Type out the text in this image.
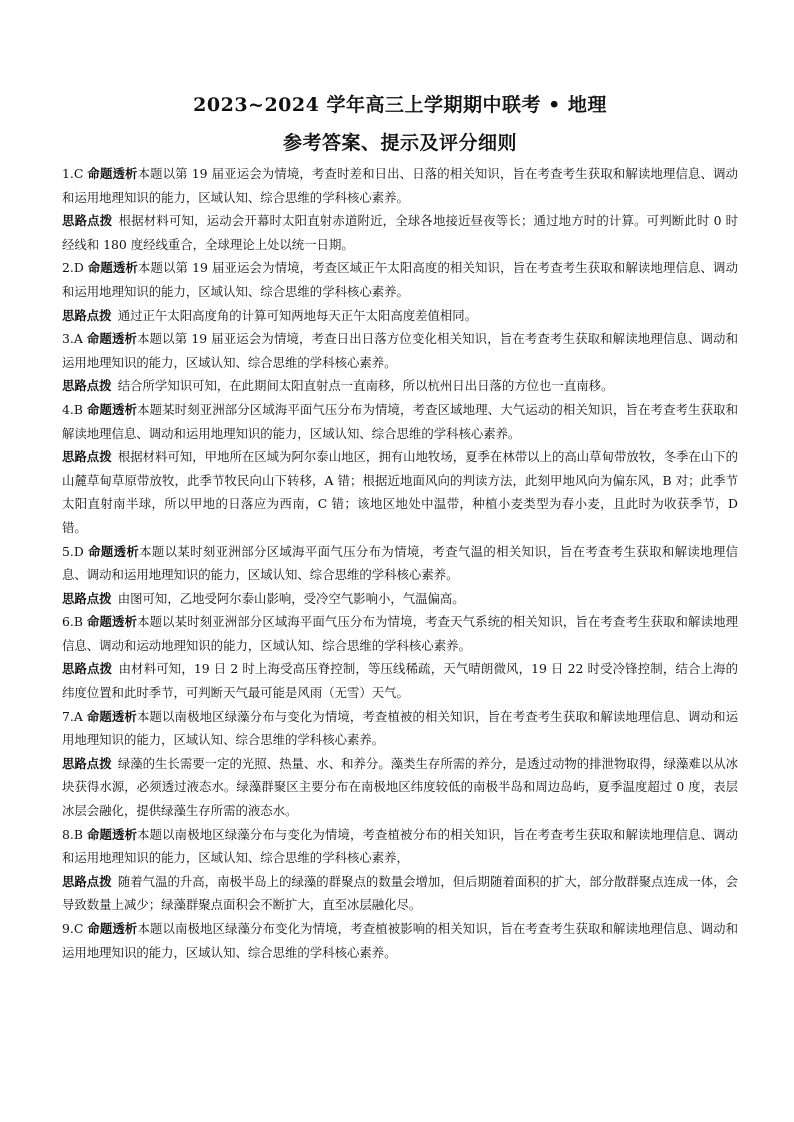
2023~2024 学年高三上学期期中联考 • 地理
参考答案、提示及评分细则

1.C 命题透析本题以第 19 届亚运会为情境，考查时差和日出、日落的相关知识，旨在考查考生获取和解读地理信息、调动和运用地理知识的能力，区域认知、综合思维的学科核心素养。

思路点拨  根据材料可知，运动会开幕时太阳直射赤道附近，全球各地接近昼夜等长；通过地方时的计算。可判断此时 0 时经线和 180 度经线重合，全球理论上处以统一日期。

2.D 命题透析本题以第 19 届亚运会为情境，考查区域正午太阳高度的相关知识，旨在考查考生获取和解读地理信息、调动和运用地理知识的能力，区域认知、综合思维的学科核心素养。

思路点拨  通过正午太阳高度角的计算可知两地每天正午太阳高度差值相同。

3.A 命题透析本题以第 19 届亚运会为情境，考查日出日落方位变化相关知识，旨在考查考生获取和解读地理信息、调动和运用地理知识的能力，区域认知、综合思维的学科核心素养。

思路点拨  结合所学知识可知，在此期间太阳直射点一直南移，所以杭州日出日落的方位也一直南移。

4.B 命题透析本题某时刻亚洲部分区域海平面气压分布为情境，考查区域地理、大气运动的相关知识，旨在考查考生获取和解读地理信息、调动和运用地理知识的能力，区域认知、综合思维的学科核心素养。

思路点拨  根据材料可知，甲地所在区域为阿尔泰山地区，拥有山地牧场，夏季在林带以上的高山草甸带放牧，冬季在山下的山麓草甸草原带放牧，此季节牧民向山下转移，A 错；根据近地面风向的判读方法，此刻甲地风向为偏东风，B 对；此季节太阳直射南半球，所以甲地的日落应为西南，C 错；该地区地处中温带，种植小麦类型为春小麦，且此时为收获季节，D 错。

5.D 命题透析本题以某时刻亚洲部分区域海平面气压分布为情境，考查气温的相关知识，旨在考查考生获取和解读地理信息、调动和运用地理知识的能力，区域认知、综合思维的学科核心素养。

思路点拨  由图可知，乙地受阿尔泰山影响，受冷空气影响小，气温偏高。

6.B 命题透析本题以某时刻亚洲部分区域海平面气压分布为情境，考查天气系统的相关知识，旨在考查考生获取和解读地理信息、调动和运动地理知识的能力，区域认知、综合思维的学科核心素养。

思路点拨  由材料可知，19 日 2 时上海受高压脊控制，等压线稀疏，天气晴朗微风，19 日 22 时受冷锋控制，结合上海的纬度位置和此时季节，可判断天气最可能是风雨（无雪）天气。

7.A 命题透析本题以南极地区绿藻分布与变化为情境，考查植被的相关知识，旨在考查考生获取和解读地理信息、调动和运用地理知识的能力，区域认知、综合思维的学科核心素养。

思路点拨  绿藻的生长需要一定的光照、热量、水、和养分。藻类生存所需的养分，是透过动物的排泄物取得，绿藻难以从冰块获得水源，必须透过液态水。绿藻群聚区主要分布在南极地区纬度较低的南极半岛和周边岛屿，夏季温度超过 0 度，表层冰层会融化，提供绿藻生存所需的液态水。

8.B 命题透析本题以南极地区绿藻分布与变化为情境，考查植被分布的相关知识，旨在考查考生获取和解读地理信息、调动和运用地理知识的能力，区域认知、综合思维的学科核心素养，

思路点拨  随着气温的升高，南极半岛上的绿藻的群聚点的数量会增加，但后期随着面积的扩大，部分散群聚点连成一体，会导致数量上减少；绿藻群聚点面积会不断扩大，直至冰层融化尽。

9.C 命题透析本题以南极地区绿藻分布变化为情境，考查植被影响的相关知识，旨在考查考生获取和解读地理信息、调动和运用地理知识的能力，区域认知、综合思维的学科核心素养。
